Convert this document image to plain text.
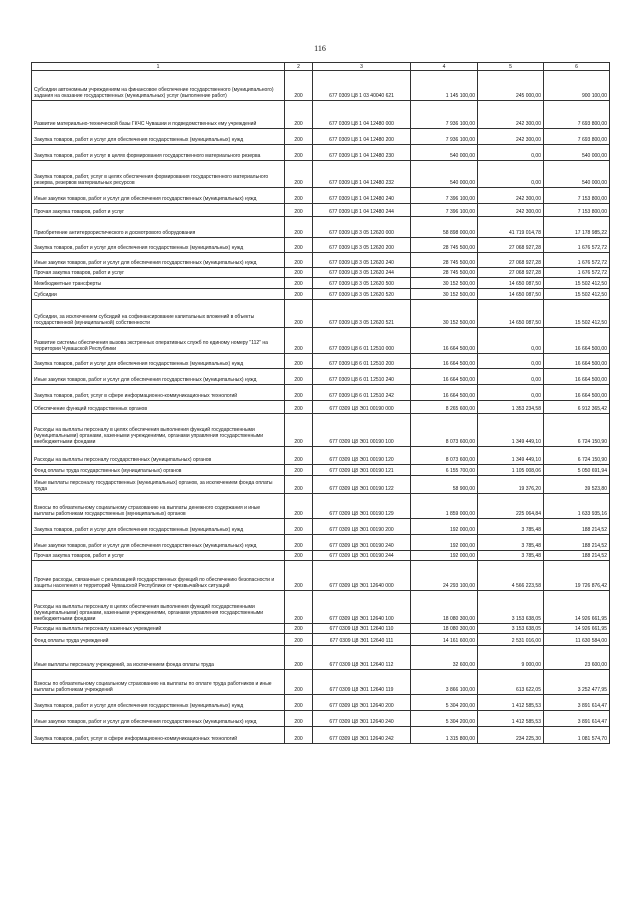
116
1	2	3	4	5	6
Субсидии автономным учреждениям на финансовое обеспечение государственного (муниципального) задания на оказание государственных (муниципальных) услуг (выполнение работ)	200	677 0309 Ц8 1 03 40040 621	1 145 100,00	245 000,00	900 100,00
Развитие материально-технической базы ГКЧС Чувашии и подведомственных ему учреждений	200	677 0309 Ц8 1 04 12480 000	7 936 100,00	242 300,00	7 693 800,00
Закупка товаров, работ и услуг для обеспечения государственных (муниципальных) нужд	200	677 0309 Ц8 1 04 12480 200	7 936 100,00	242 300,00	7 693 800,00
Закупка товаров, работ и услуг в целях формирования государственного материального резерва	200	677 0309 Ц8 1 04 12480 230	540 000,00	0,00	540 000,00
Закупка товаров, работ, услуг в целях обеспечения формирования государственного материального резерва, резервов материальных ресурсов	200	677 0309 Ц8 1 04 12480 232	540 000,00	0,00	540 000,00
Иные закупки товаров, работ и услуг для обеспечения государственных (муниципальных) нужд	200	677 0309 Ц8 1 04 12480 240	7 396 100,00	242 300,00	7 153 800,00
Прочая закупка товаров, работ и услуг	200	677 0309 Ц8 1 04 12480 244	7 396 100,00	242 300,00	7 153 800,00
Приобретение антитеррористического и досмотрового оборудования	200	677 0309 Ц8 3 05 12620 000	58 898 000,00	41 719 014,78	17 178 985,22
Закупка товаров, работ и услуг для обеспечения государственных (муниципальных) нужд	200	677 0309 Ц8 3 05 12620 200	28 745 500,00	27 068 927,28	1 676 572,72
Иные закупки товаров, работ и услуг для обеспечения государственных (муниципальных) нужд	200	677 0309 Ц8 3 05 12620 240	28 745 500,00	27 068 927,28	1 676 572,72
Прочая закупка товаров, работ и услуг	200	677 0309 Ц8 3 05 12620 244	28 745 500,00	27 068 927,28	1 676 572,72
Межбюджетные трансферты	200	677 0309 Ц8 3 05 12620 500	30 152 500,00	14 650 087,50	15 502 412,50
Субсидии	200	677 0309 Ц8 3 05 12620 520	30 152 500,00	14 650 087,50	15 502 412,50
Субсидии, за исключением субсидий на софинансирование капитальных вложений в объекты государственной (муниципальной) собственности	200	677 0309 Ц8 3 05 12620 521	30 152 500,00	14 650 087,50	15 502 412,50
Развитие системы обеспечения вызова экстренных оперативных служб по единому номеру "112" на территории Чувашской Республики	200	677 0309 Ц8 6 01 12510 000	16 664 500,00	0,00	16 664 500,00
Закупка товаров, работ и услуг для обеспечения государственных (муниципальных) нужд	200	677 0309 Ц8 6 01 12510 200	16 664 500,00	0,00	16 664 500,00
Иные закупки товаров, работ и услуг для обеспечения государственных (муниципальных) нужд	200	677 0309 Ц8 6 01 12510 240	16 664 500,00	0,00	16 664 500,00
Закупка товаров, работ, услуг в сфере информационно-коммуникационных технологий	200	677 0309 Ц8 6 01 12510 242	16 664 500,00	0,00	16 664 500,00
Обеспечение функций государственных органов	200	677 0309 Ц8 Э01 00190 000	8 265 600,00	1 353 234,58	6 912 365,42
Расходы на выплаты персоналу в целях обеспечения выполнения функций государственными (муниципальными) органами, казенными учреждениями, органами управления государственными внебюджетными фондами	200	677 0309 Ц8 Э01 00190 100	8 073 600,00	1 349 449,10	6 724 150,90
Расходы на выплаты персоналу государственных (муниципальных) органов	200	677 0309 Ц8 Э01 00190 120	8 073 600,00	1 349 449,10	6 724 150,90
Фонд оплаты труда государственных (муниципальных) органов	200	677 0309 Ц8 Э01 00190 121	6 155 700,00	1 105 008,06	5 050 691,94
Иные выплаты персоналу государственных (муниципальных) органов, за исключением фонда оплаты труда	200	677 0309 Ц8 Э01 00190 122	58 900,00	19 376,20	39 523,80
Взносы по обязательному социальному страхованию на выплаты денежного содержания и иные выплаты работникам государственных (муниципальных) органов	200	677 0309 Ц8 Э01 00190 129	1 859 000,00	225 064,84	1 633 935,16
Закупка товаров, работ и услуг для обеспечения государственных (муниципальных) нужд	200	677 0309 Ц8 Э01 00190 200	192 000,00	3 785,48	188 214,52
Иные закупки товаров, работ и услуг для обеспечения государственных (муниципальных) нужд	200	677 0309 Ц8 Э01 00190 240	192 000,00	3 785,48	188 214,52
Прочая закупка товаров, работ и услуг	200	677 0309 Ц8 Э01 00190 244	192 000,00	3 785,48	188 214,52
Прочие расходы, связанные с реализацией государственных функций по обеспечению безопасности и защиты населения и территорий Чувашской Республики от чрезвычайных ситуаций	200	677 0309 Ц8 Э01 12640 000	24 293 100,00	4 566 223,58	19 726 876,42
Расходы на выплаты персоналу в целях обеспечения выполнения функций государственными (муниципальными) органами, казенными учреждениями, органами управления государственными внебюджетными фондами	200	677 0309 Ц8 Э01 12640 100	18 080 300,00	3 153 638,05	14 926 661,95
Расходы на выплаты персоналу казенных учреждений	200	677 0309 Ц8 Э01 12640 110	18 080 300,00	3 153 638,05	14 926 661,95
Фонд оплаты труда учреждений	200	677 0309 Ц8 Э01 12640 111	14 161 600,00	2 531 016,00	11 630 584,00
Иные выплаты персоналу учреждений, за исключением фонда оплаты труда	200	677 0309 Ц8 Э01 12640 112	32 600,00	9 000,00	23 600,00
Взносы по обязательному социальному страхованию на выплаты по оплате труда работников и иные выплаты работникам учреждений	200	677 0309 Ц8 Э01 12640 119	3 866 100,00	613 622,05	3 252 477,95
Закупка товаров, работ и услуг для обеспечения государственных (муниципальных) нужд	200	677 0309 Ц8 Э01 12640 200	5 304 200,00	1 412 585,53	3 891 614,47
Иные закупки товаров, работ и услуг для обеспечения государственных (муниципальных) нужд	200	677 0309 Ц8 Э01 12640 240	5 304 200,00	1 412 585,53	3 891 614,47
Закупка товаров, работ, услуг в сфере информационно-коммуникационных технологий	200	677 0309 Ц8 Э01 12640 242	1 315 800,00	234 225,30	1 081 574,70
